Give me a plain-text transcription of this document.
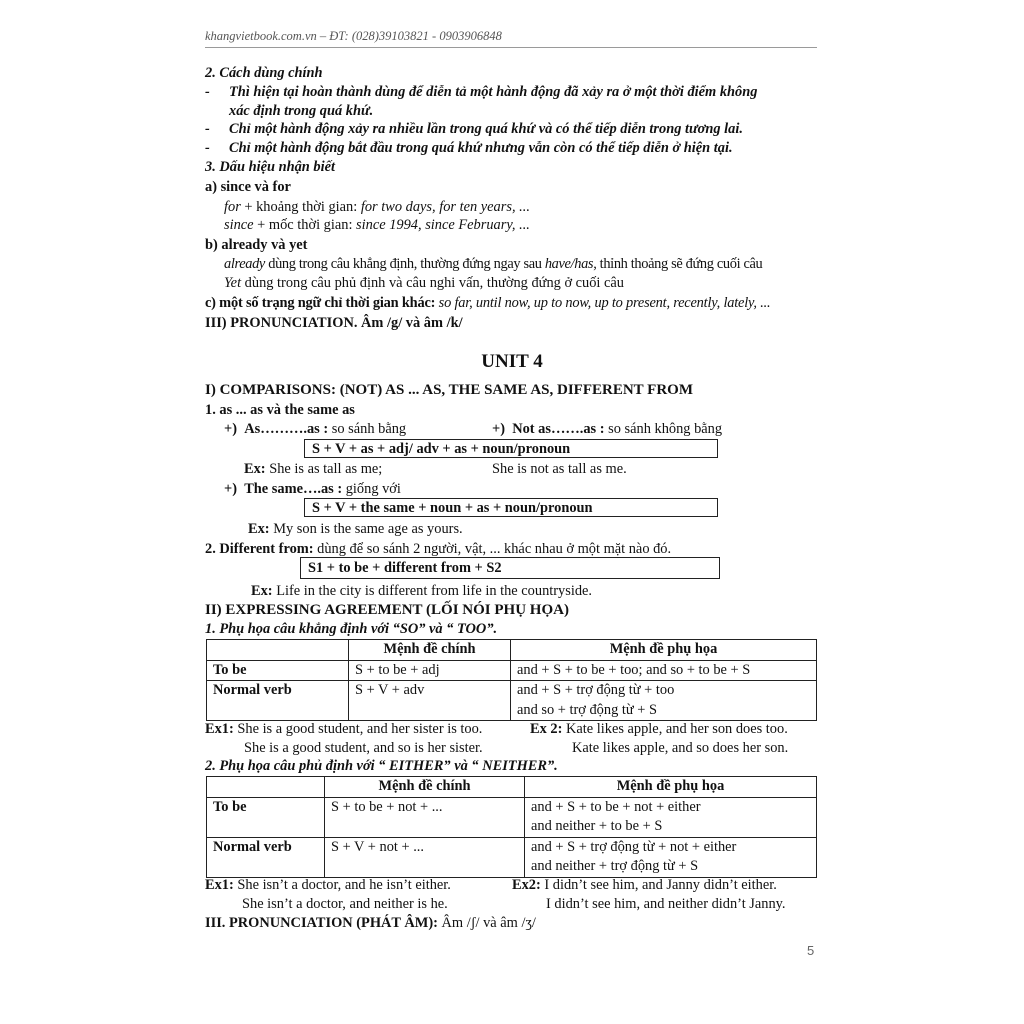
khangvietbook.com.vn – ĐT: (028)39103821 - 0903906848
2. Cách dùng chính
- Thì hiện tại hoàn thành dùng để diễn tả một hành động đã xảy ra ở một thời điểm không
xác định trong quá khứ.
- Chỉ một hành động xảy ra nhiều lần trong quá khứ và có thể tiếp diễn trong tương lai.
- Chỉ một hành động bắt đầu trong quá khứ nhưng vẫn còn có thể tiếp diễn ở hiện tại.
3. Dấu hiệu nhận biết
a) since và for
for + khoảng thời gian: for two days, for ten years, ...
since + mốc thời gian: since 1994, since February, ...
b) already và yet
already dùng trong câu khẳng định, thường đứng ngay sau have/has, thỉnh thoảng sẽ đứng cuối câu
Yet dùng trong câu phủ định và câu nghi vấn, thường đứng ở cuối câu
c) một số trạng ngữ chỉ thời gian khác: so far, until now, up to now, up to present, recently, lately, ...
III) PRONUNCIATION. Âm /g/ và âm /k/
UNIT 4
I) COMPARISONS: (NOT) AS ... AS, THE SAME AS, DIFFERENT FROM
1. as ... as và the same as
+) As……….as : so sánh bằng	+) Not as…….as : so sánh không bằng
S + V + as + adj/ adv + as + noun/pronoun
Ex: She is as tall as me;	She is not as tall as me.
+) The same….as : giống với
S + V + the same + noun + as + noun/pronoun
Ex: My son is the same age as yours.
2. Different from: dùng để so sánh 2 người, vật, ... khác nhau ở một mặt nào đó.
S1 + to be + different from + S2
Ex: Life in the city is different from life in the countryside.
II) EXPRESSING AGREEMENT (LỐI NÓI PHỤ HỌA)
1. Phụ họa câu khẳng định với “SO” và “ TOO”.
	Mệnh đề chính	Mệnh đề phụ họa
To be	S + to be + adj	and + S + to be + too; and so + to be + S
Normal verb	S + V + adv	and + S + trợ động từ + too
and so + trợ động từ + S
Ex1: She is a good student, and her sister is too.
She is a good student, and so is her sister.
Ex 2: Kate likes apple, and her son does too.
Kate likes apple, and so does her son.
2. Phụ họa câu phủ định với “ EITHER” và “ NEITHER”.
	Mệnh đề chính	Mệnh đề phụ họa
To be	S + to be + not + ...	and + S + to be + not + either
and neither + to be + S

Normal verb	S + V + not + ...	and + S + trợ động từ + not + either
and neither + trợ động từ + S
Ex1: She isn’t a doctor, and he isn’t either.
She isn’t a doctor, and neither is he.
Ex2: I didn’t see him, and Janny didn’t either.
I didn’t see him, and neither didn’t Janny.
III. PRONUNCIATION (PHÁT ÂM): Âm /ʃ/ và âm /ʒ/
5
